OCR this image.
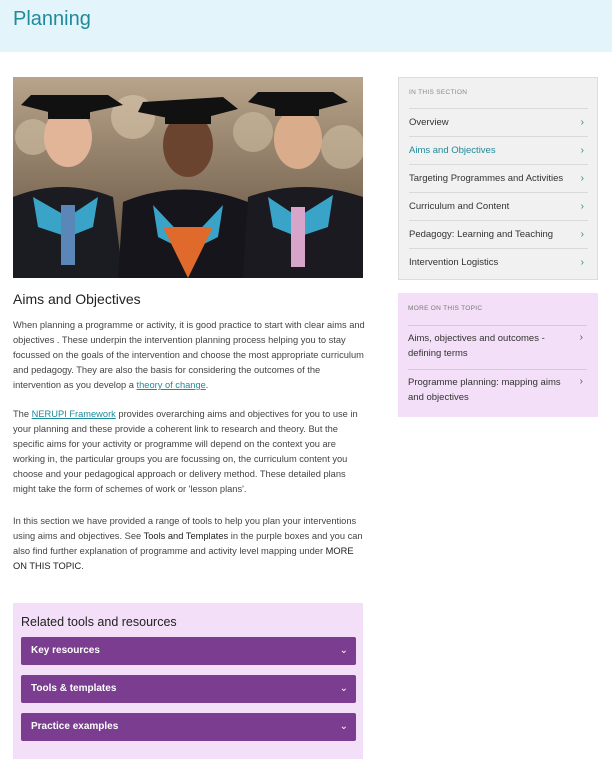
Planning
Aims and Objectives

When planning a programme or activity, it is good practice to start with clear aims and objectives . These underpin the intervention planning process helping you to stay focussed on the goals of the intervention and choose the most appropriate curriculum and pedagogy. They are also the basis for considering the outcomes of the intervention as you develop a theory of change.

The NERUPI Framework provides overarching aims and objectives for you to use in your planning and these provide a coherent link to research and theory. But the specific aims for your activity or programme will depend on the context you are working in, the particular groups you are focussing on, the curriculum content you choose and your pedagogical approach or delivery method. These detailed plans might take the form of schemes of work or 'lesson plans'.

In this section we have provided a range of tools to help you plan your interventions using aims and objectives. See Tools and Templates in the purple boxes and you can also find further explanation of programme and activity level mapping under MORE ON THIS TOPIC.

Related tools and resources
Key resources	⌄
Tools & templates	⌄
Practice examples	⌄
IN THIS SECTION
Overview	›
Aims and Objectives	›
Targeting Programmes and Activities ›
Curriculum and Content	›
Pedagogy: Learning and Teaching	›
Intervention Logistics	›
MORE ON THIS TOPIC
Aims, objectives and outcomes - defining terms
›
Programme planning: mapping aims and objectives
›
